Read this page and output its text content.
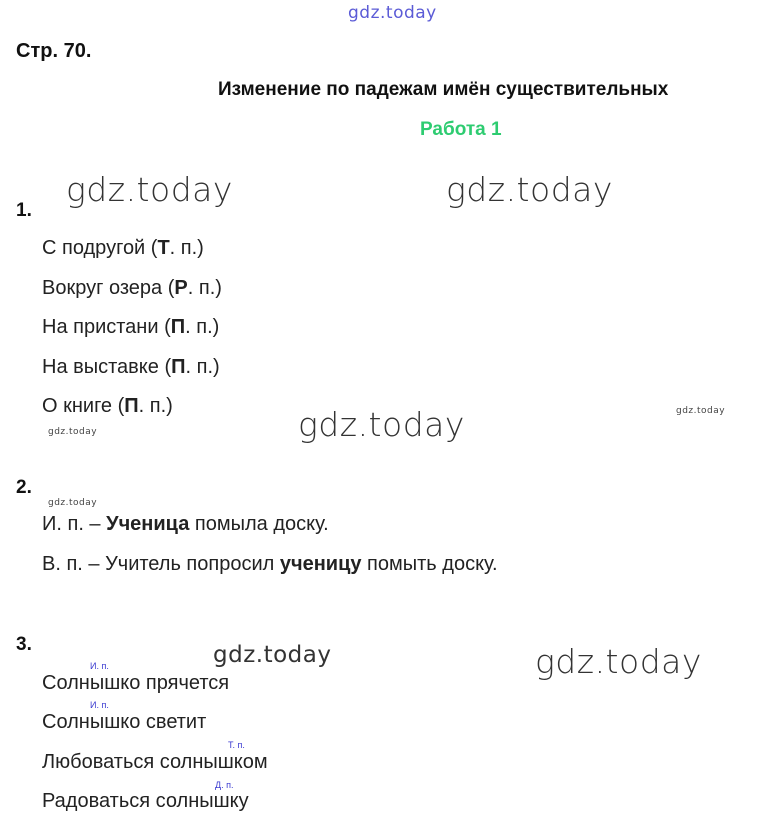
gdz.today
gdz.today	gdz.today
gdz.today	gdz.today
gdz.today
gdz.today
gdz.today	gdz.today
Стр. 70.
Изменение по падежам имён существительных
Работа 1
1.
С подругой (Т. п.)
Вокруг озера (Р. п.)
На пристани (П. п.)
На выставке (П. п.)
О книге (П. п.)
2.
И. п. – Ученица помыла доску.
В. п. – Учитель попросил ученицу помыть доску.
3.
И. п.
Солнышко прячется
И. п.
Солнышко светит
Т. п.
Любоваться солнышком
Д. п.
Радоваться солнышку
